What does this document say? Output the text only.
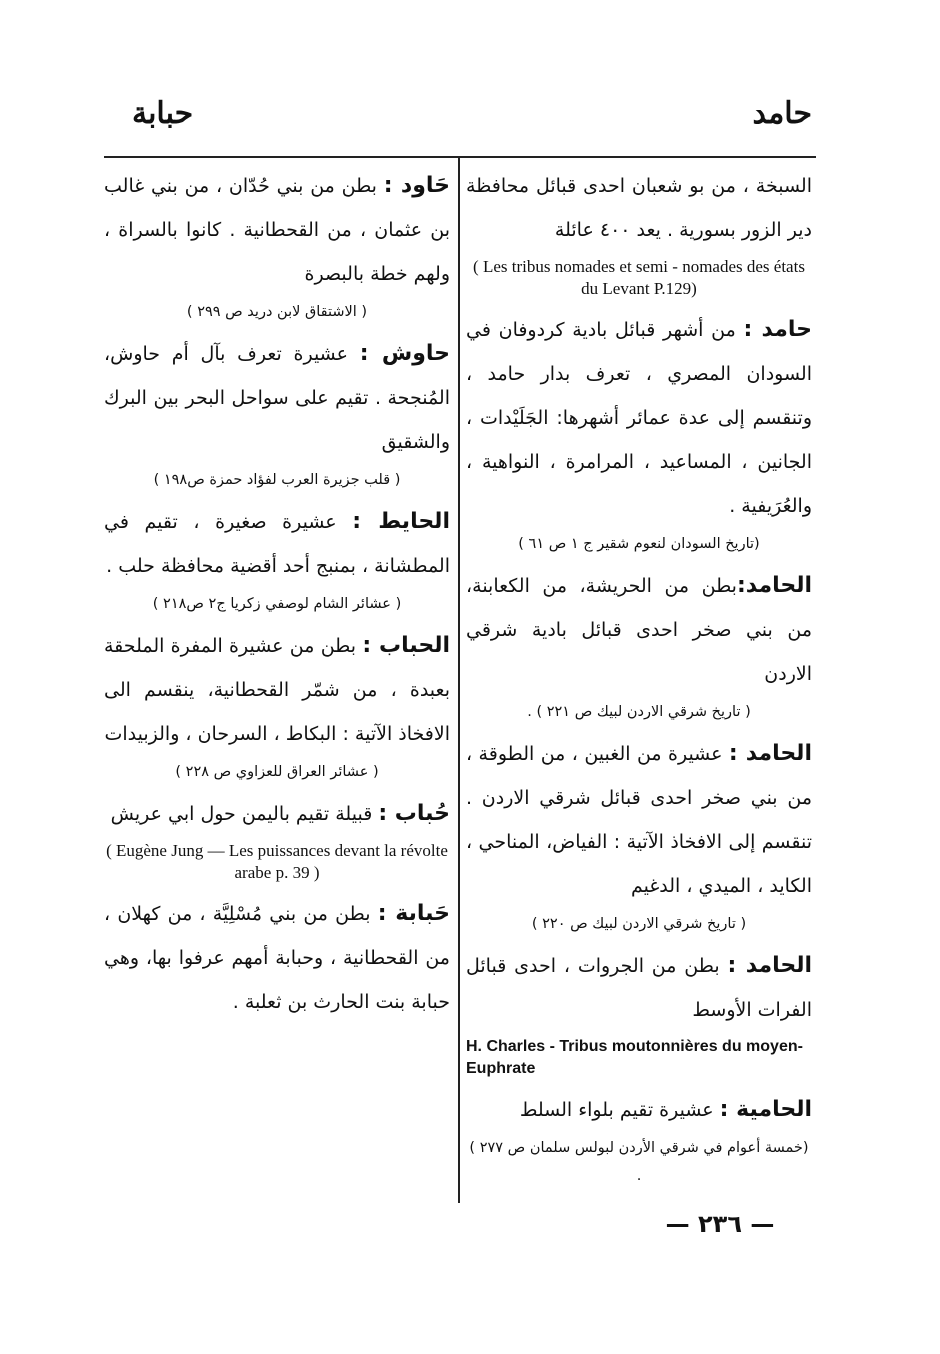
حامد
حبابة

السبخة ، من بو شعبان احدى قبائل محافظة دير الزور بسورية . يعد ٤٠٠ عائلة

( Les tribus nomades et semi - nomades des états du Levant P.129)

حامد : من أشهر قبائل بادية كردوفان في السودان المصري ، تعرف بدار حامد ، وتنقسم إلى عدة عمائر أشهرها: الجَلَيْدات ، الجانين ، المساعيد ، المرامرة ، النواهية ، والعُرَيفية .

(تاريخ السودان لنعوم شقير ج ١ ص ٦١ )

الحامد:بطن من الحريشة، من الكعابنة، من بني صخر احدى قبائل بادية شرقي الاردن

( تاريخ شرقي الاردن لبيك ص ٢٢١ ) .

الحامد : عشيرة من الغبين ، من الطوقة ، من بني صخر احدى قبائل شرقي الاردن . تنقسم إلى الافخاذ الآتية : الفياض، المناحي ، الكايد ، الميدي ، الدغيم

( تاريخ شرقي الاردن لبيك ص ٢٢٠ )

الحامد : بطن من الجروات ، احدى قبائل الفرات الأوسط

H. Charles - Tribus moutonnières du moyen- Euphrate

الحامية : عشيرة تقيم بلواء السلط

(خمسة أعوام في شرقي الأردن لبولس سلمان ص ٢٧٧ ) .

حَاود : بطن من بني حُدّان ، من بني غالب بن عثمان ، من القحطانية . كانوا بالسراة ، ولهم خطة بالبصرة

( الاشتقاق لابن دريد ص ٢٩٩ )

حاوش : عشيرة تعرف بآل أم حاوش، المُنجحة . تقيم على سواحل البحر بين البرك والشقيق

( قلب جزيرة العرب لفؤاد حمزة ص١٩٨ )

الحايط : عشيرة صغيرة ، تقيم في المطشانة ، بمنبج أحد أقضية محافظة حلب .

( عشائر الشام لوصفي زكريا ج٢ ص٢١٨ )

الحباب : بطن من عشيرة المفرة الملحقة بعبدة ، من شمّر القحطانية، ينقسم الى الافخاذ الآتية : البكاط ، السرحان ، والزبيدات

( عشائر العراق للعزاوي ص ٢٢٨ )

حُباب : قبيلة تقيم باليمن حول ابي عريش

( Eugène Jung — Les puissances devant la révolte arabe p. 39 )

حَبابة : بطن من بني مُسْلِيَّة ، من كهلان ، من القحطانية ، وحبابة أمهم عرفوا بها، وهي حبابة بنت الحارث بن ثعلبة .

— ٢٣٦ —
